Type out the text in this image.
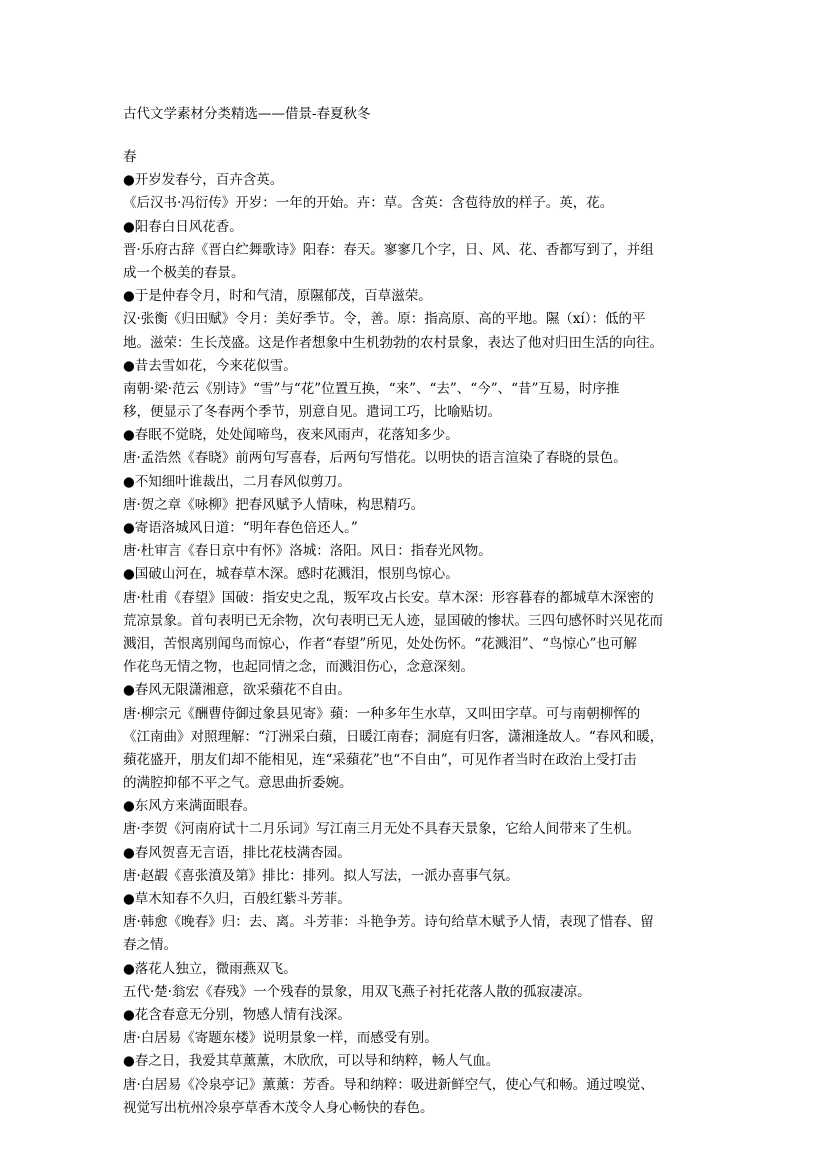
古代文学素材分类精选——借景-春夏秋冬
春
●开岁发春兮，百卉含英。
《后汉书·冯衍传》开岁：一年的开始。卉：草。含英：含苞待放的样子。英，花。
●阳春白日风花香。
晋·乐府古辞《晋白纻舞歌诗》阳春：春天。寥寥几个字，日、风、花、香都写到了，并组
成一个极美的春景。
●于是仲春令月，时和气清，原隰郁茂，百草滋荣。
汉·张衡《归田赋》令月：美好季节。令，善。原：指高原、高的平地。隰（xí）：低的平
地。滋荣：生长茂盛。这是作者想象中生机勃勃的农村景象，表达了他对归田生活的向往。
●昔去雪如花，今来花似雪。
南朝·梁·范云《别诗》“雪”与“花”位置互换，“来”、“去”、“今”、“昔”互易，时序推
移，便显示了冬春两个季节，别意自见。遣词工巧，比喻贴切。
●春眠不觉晓，处处闻啼鸟，夜来风雨声，花落知多少。
唐·孟浩然《春晓》前两句写喜春，后两句写惜花。以明快的语言渲染了春晓的景色。
●不知细叶谁裁出，二月春风似剪刀。
唐·贺之章《咏柳》把春风赋予人情味，构思精巧。
●寄语洛城风日道：“明年春色倍还人。”
唐·杜审言《春日京中有怀》洛城：洛阳。风日：指春光风物。
●国破山河在，城春草木深。感时花溅泪，恨别鸟惊心。
唐·杜甫《春望》国破：指安史之乱，叛军攻占长安。草木深：形容暮春的都城草木深密的
荒凉景象。首句表明已无余物，次句表明已无人迹，显国破的惨状。三四句感怀时兴见花而
溅泪，苦恨离别闻鸟而惊心，作者“春望”所见，处处伤怀。“花溅泪”、“鸟惊心”也可解
作花鸟无情之物，也起同情之念，而溅泪伤心，念意深刻。
●春风无限潇湘意，欲采蘋花不自由。
唐·柳宗元《酬曹侍御过象县见寄》蘋：一种多年生水草，又叫田字草。可与南朝柳恽的
《江南曲》对照理解：“汀洲采白蘋，日暖江南春；洞庭有归客，潇湘逢故人。“春风和暖，
蘋花盛开，朋友们却不能相见，连“采蘋花”也“不自由”，可见作者当时在政治上受打击
的满腔抑郁不平之气。意思曲折委婉。
●东风方来满面眼春。
唐·李贺《河南府试十二月乐词》写江南三月无处不具春天景象，它给人间带来了生机。
●春风贺喜无言语，排比花枝满杏园。
唐·赵嘏《喜张濆及第》排比：排列。拟人写法，一派办喜事气氛。
●草木知春不久归，百般红紫斗芳菲。
唐·韩愈《晚春》归：去、离。斗芳菲：斗艳争芳。诗句给草木赋予人情，表现了惜春、留
春之情。
●落花人独立，微雨燕双飞。
五代·楚·翁宏《春残》一个残春的景象，用双飞燕子衬托花落人散的孤寂凄凉。
●花含春意无分别，物感人情有浅深。
唐·白居易《寄题东楼》说明景象一样，而感受有别。
●春之日，我爱其草薰薰，木欣欣，可以导和纳粹，畅人气血。
唐·白居易《冷泉亭记》薰薰：芳香。导和纳粹：吸进新鲜空气，使心气和畅。通过嗅觉、
视觉写出杭州冷泉亭草香木茂令人身心畅快的春色。
